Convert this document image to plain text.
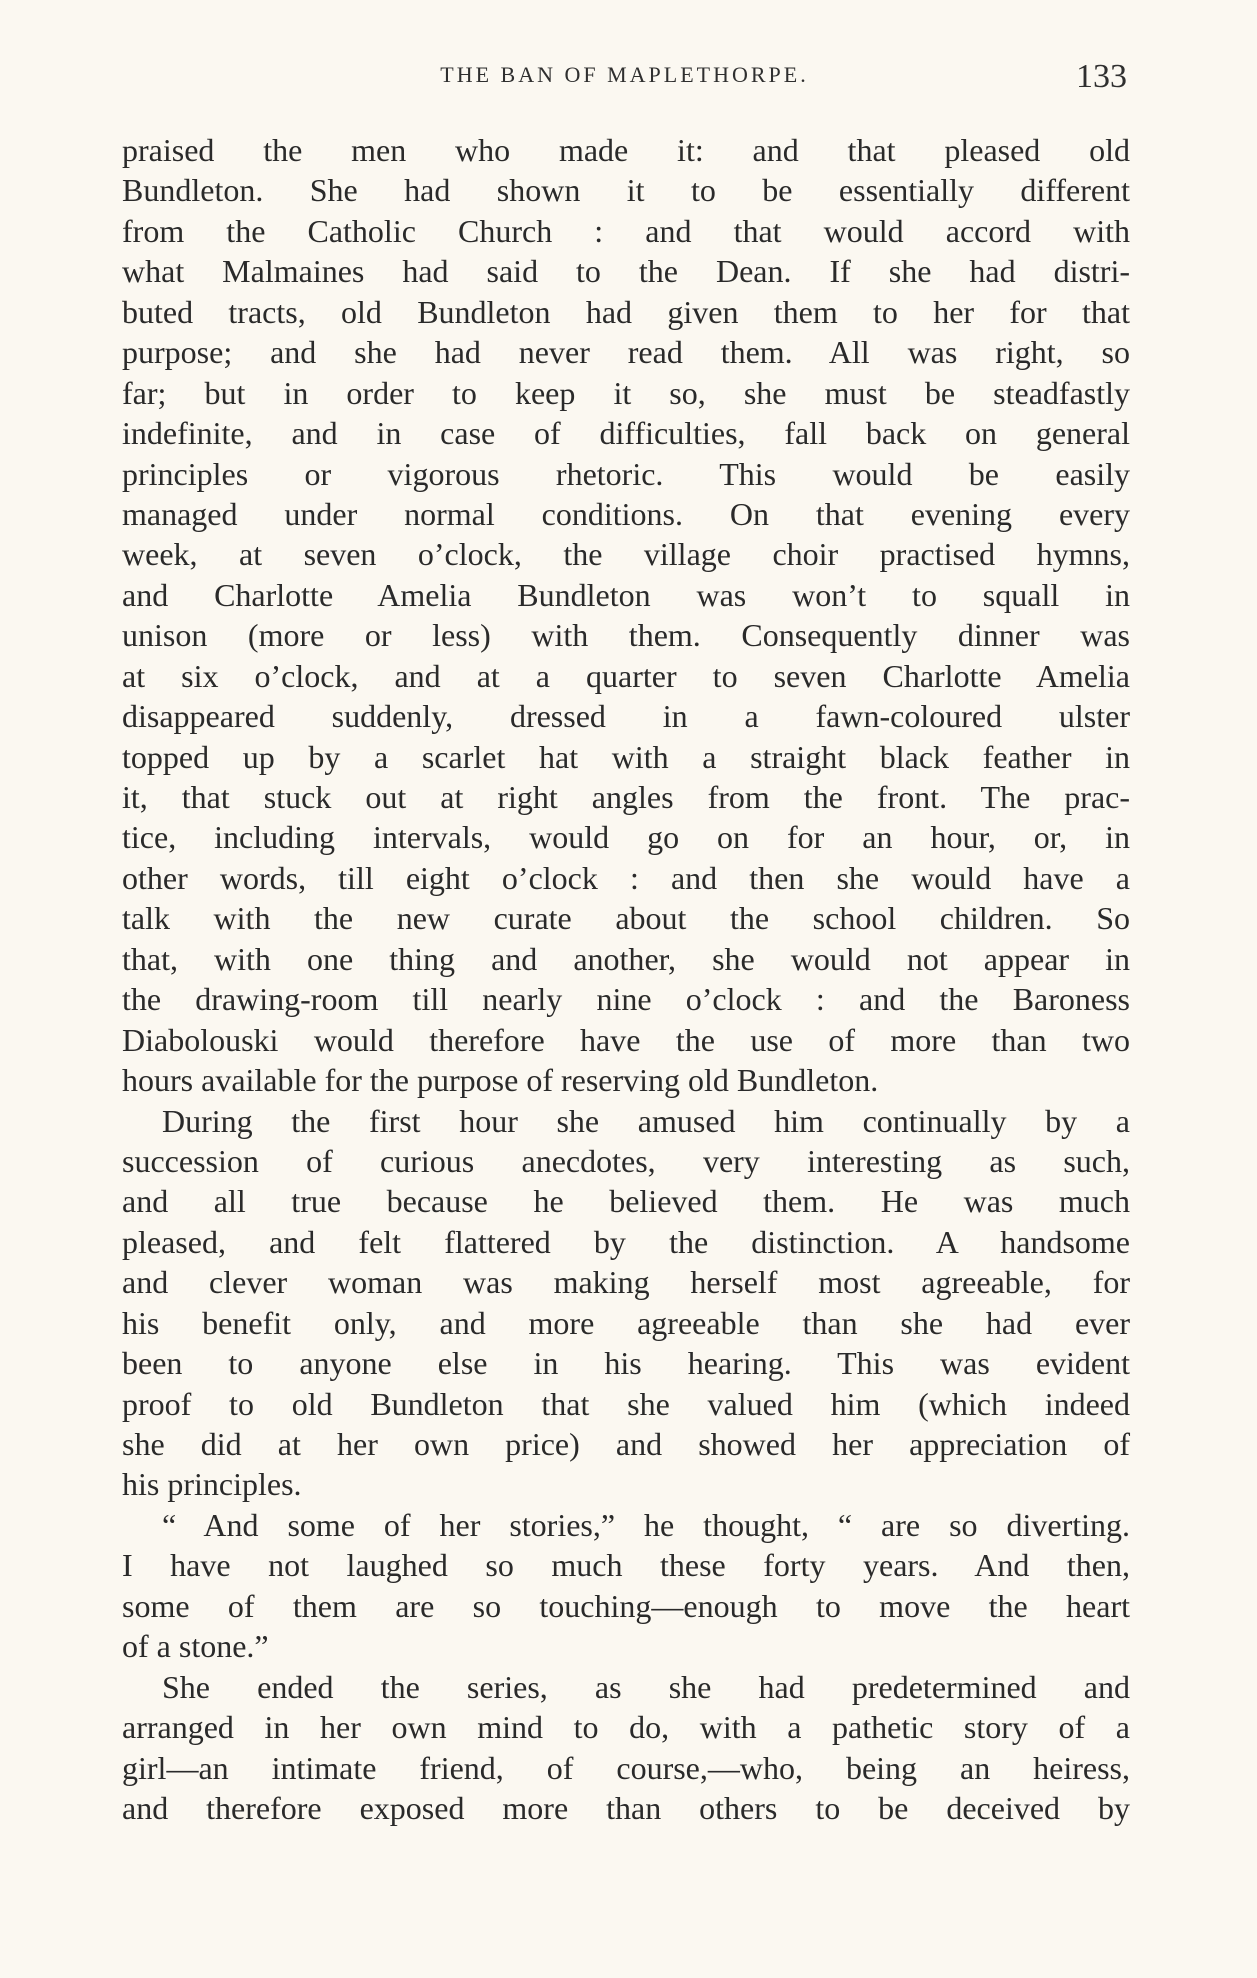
THE BAN OF MAPLETHORPE.	133
praised the men who made it: and that pleased old
Bundleton. She had shown it to be essentially different
from the Catholic Church : and that would accord with
what Malmaines had said to the Dean. If she had distri-
buted tracts, old Bundleton had given them to her for that
purpose; and she had never read them. All was right, so
far; but in order to keep it so, she must be steadfastly
indefinite, and in case of difficulties, fall back on general
principles or vigorous rhetoric. This would be easily
managed under normal conditions. On that evening every
week, at seven o’clock, the village choir practised hymns,
and Charlotte Amelia Bundleton was won’t to squall in
unison (more or less) with them. Consequently dinner was
at six o’clock, and at a quarter to seven Charlotte Amelia
disappeared suddenly, dressed in a fawn-coloured ulster
topped up by a scarlet hat with a straight black feather in
it, that stuck out at right angles from the front. The prac-
tice, including intervals, would go on for an hour, or, in
other words, till eight o’clock : and then she would have a
talk with the new curate about the school children. So
that, with one thing and another, she would not appear in
the drawing-room till nearly nine o’clock : and the Baroness
Diabolouski would therefore have the use of more than two
hours available for the purpose of reserving old Bundleton.
During the first hour she amused him continually by a
succession of curious anecdotes, very interesting as such,
and all true because he believed them. He was much
pleased, and felt flattered by the distinction. A handsome
and clever woman was making herself most agreeable, for
his benefit only, and more agreeable than she had ever
been to anyone else in his hearing. This was evident
proof to old Bundleton that she valued him (which indeed
she did at her own price) and showed her appreciation of
his principles.
“ And some of her stories,” he thought, “ are so diverting.
I have not laughed so much these forty years. And then,
some of them are so touching—enough to move the heart
of a stone.”
She ended the series, as she had predetermined and
arranged in her own mind to do, with a pathetic story of a
girl—an intimate friend, of course,—who, being an heiress,
and therefore exposed more than others to be deceived by
